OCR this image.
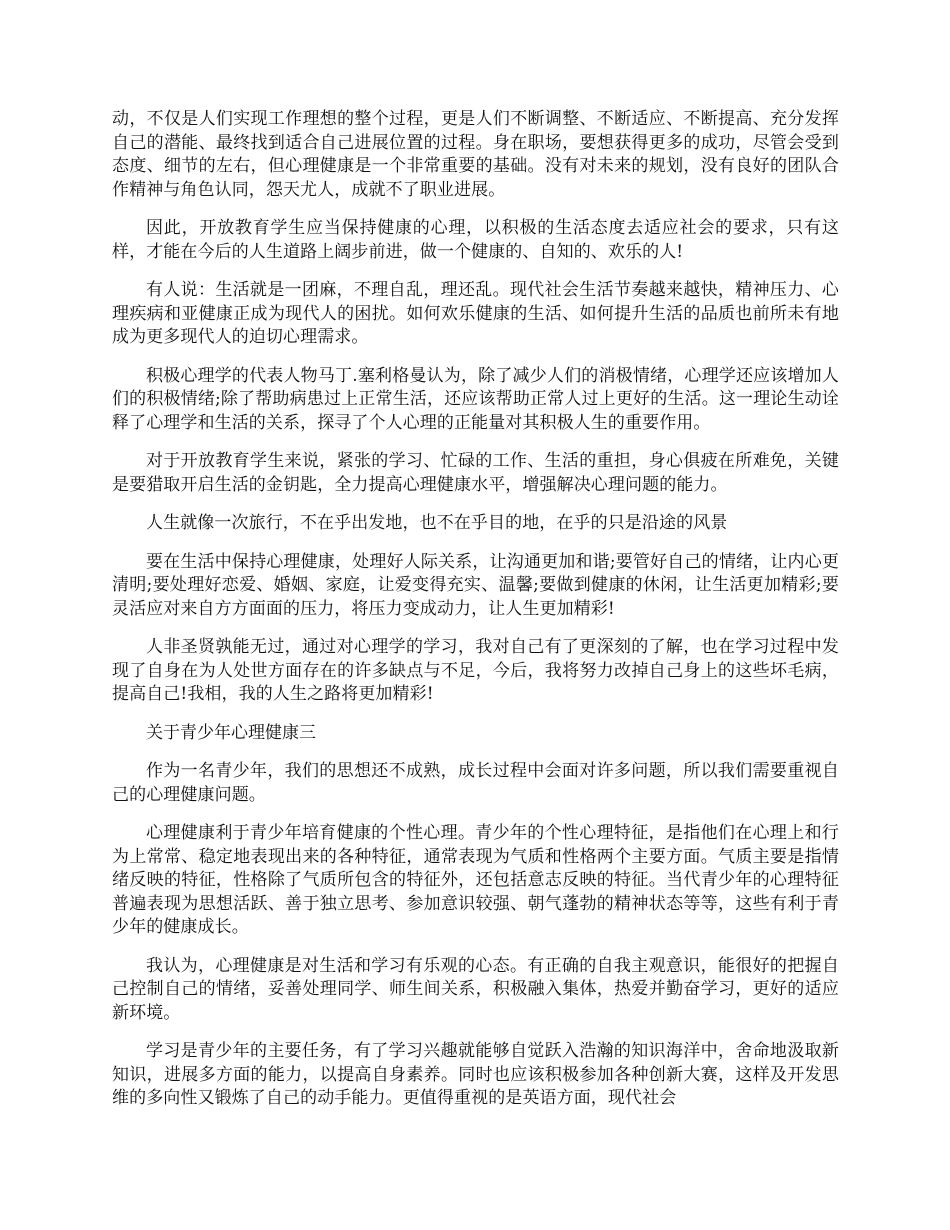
动，不仅是人们实现工作理想的整个过程，更是人们不断调整、不断适应、不断提高、充分发挥自己的潜能、最终找到适合自己进展位置的过程。身在职场，要想获得更多的成功，尽管会受到态度、细节的左右，但心理健康是一个非常重要的基础。没有对未来的规划，没有良好的团队合作精神与角色认同，怨天尤人，成就不了职业进展。

因此，开放教育学生应当保持健康的心理，以积极的生活态度去适应社会的要求，只有这样，才能在今后的人生道路上阔步前进，做一个健康的、自知的、欢乐的人!

有人说：生活就是一团麻，不理自乱，理还乱。现代社会生活节奏越来越快，精神压力、心理疾病和亚健康正成为现代人的困扰。如何欢乐健康的生活、如何提升生活的品质也前所未有地成为更多现代人的迫切心理需求。

积极心理学的代表人物马丁.塞利格曼认为，除了减少人们的消极情绪，心理学还应该增加人们的积极情绪;除了帮助病患过上正常生活，还应该帮助正常人过上更好的生活。这一理论生动诠释了心理学和生活的关系，探寻了个人心理的正能量对其积极人生的重要作用。

对于开放教育学生来说，紧张的学习、忙碌的工作、生活的重担，身心俱疲在所难免，关键是要猎取开启生活的金钥匙，全力提高心理健康水平，增强解决心理问题的能力。

人生就像一次旅行，不在乎出发地，也不在乎目的地，在乎的只是沿途的风景

要在生活中保持心理健康，处理好人际关系，让沟通更加和谐;要管好自己的情绪，让内心更清明;要处理好恋爱、婚姻、家庭，让爱变得充实、温馨;要做到健康的休闲，让生活更加精彩;要灵活应对来自方方面面的压力，将压力变成动力，让人生更加精彩!

人非圣贤孰能无过，通过对心理学的学习，我对自己有了更深刻的了解，也在学习过程中发现了自身在为人处世方面存在的许多缺点与不足，今后，我将努力改掉自己身上的这些坏毛病，提高自己!我相，我的人生之路将更加精彩!

关于青少年心理健康三

作为一名青少年，我们的思想还不成熟，成长过程中会面对许多问题，所以我们需要重视自己的心理健康问题。

心理健康利于青少年培育健康的个性心理。青少年的个性心理特征，是指他们在心理上和行为上常常、稳定地表现出来的各种特征，通常表现为气质和性格两个主要方面。气质主要是指情绪反映的特征，性格除了气质所包含的特征外，还包括意志反映的特征。当代青少年的心理特征普遍表现为思想活跃、善于独立思考、参加意识较强、朝气蓬勃的精神状态等等，这些有利于青少年的健康成长。

我认为，心理健康是对生活和学习有乐观的心态。有正确的自我主观意识，能很好的把握自己控制自己的情绪，妥善处理同学、师生间关系，积极融入集体，热爱并勤奋学习，更好的适应新环境。

学习是青少年的主要任务，有了学习兴趣就能够自觉跃入浩瀚的知识海洋中，舍命地汲取新知识，进展多方面的能力，以提高自身素养。同时也应该积极参加各种创新大赛，这样及开发思维的多向性又锻炼了自己的动手能力。更值得重视的是英语方面，现代社会
